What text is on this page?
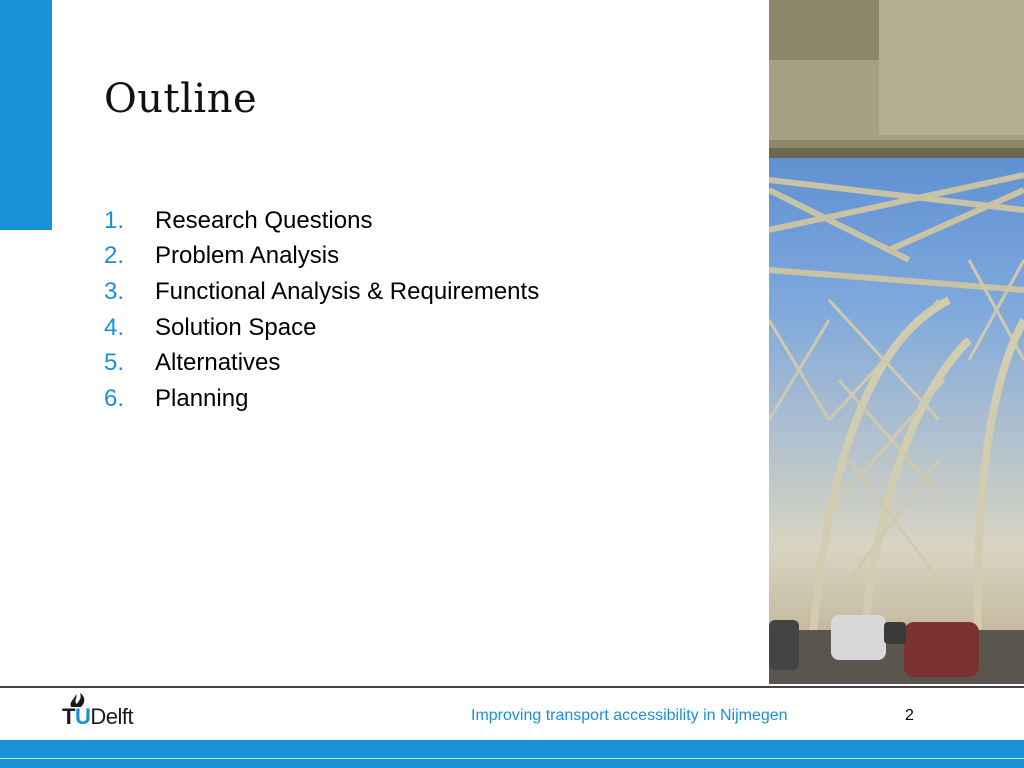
Outline
1.	Research Questions
2.	Problem Analysis
3.	Functional Analysis & Requirements
4.	Solution Space
5.	Alternatives
6.	Planning
TUDelft	Improving transport accessibility in Nijmegen	2
